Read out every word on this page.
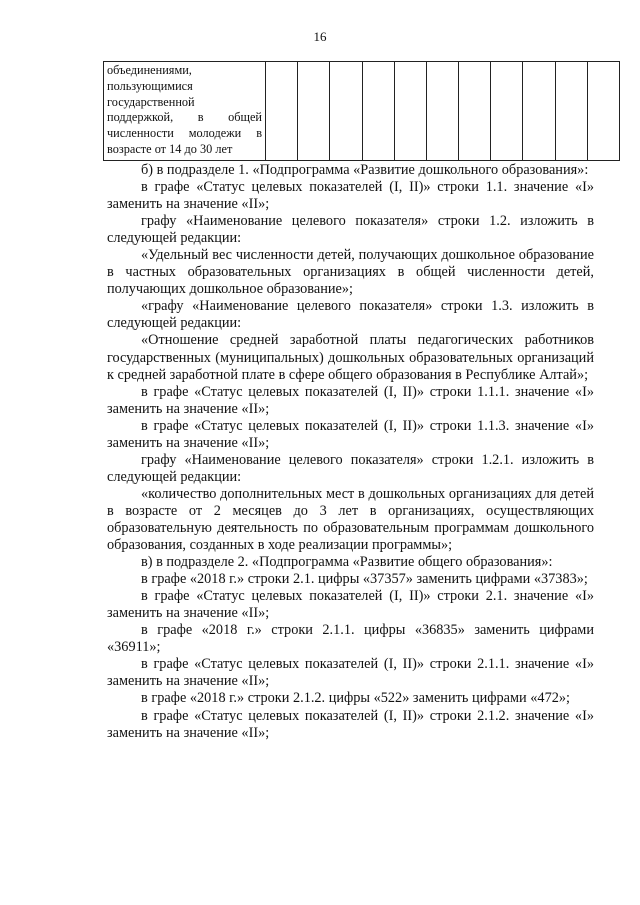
16
объединениями,
пользующимися
государственной
поддержкой, в общей
численности молодежи в
возрасте от 14 до 30 лет

б) в подразделе 1. «Подпрограмма «Развитие дошкольного образования»:

в графе «Статус целевых показателей (I, II)» строки 1.1. значение «I» заменить на значение «II»;

графу «Наименование целевого показателя» строки 1.2. изложить в следующей редакции:

«Удельный вес численности детей, получающих дошкольное образование в частных образовательных организациях в общей численности детей, получающих дошкольное образование»;

«графу «Наименование целевого показателя» строки 1.3. изложить в следующей редакции:

«Отношение средней заработной платы педагогических работников государственных (муниципальных) дошкольных образовательных организаций к средней заработной плате в сфере общего образования в Республике Алтай»;

в графе «Статус целевых показателей (I, II)» строки 1.1.1. значение «I» заменить на значение «II»;

в графе «Статус целевых показателей (I, II)» строки 1.1.3. значение «I» заменить на значение «II»;

графу «Наименование целевого показателя» строки 1.2.1. изложить в следующей редакции:

«количество дополнительных мест в дошкольных организациях для детей в возрасте от 2 месяцев до 3 лет в организациях, осуществляющих образовательную деятельность по образовательным программам дошкольного образования, созданных в ходе реализации программы»;

в) в подразделе 2. «Подпрограмма «Развитие общего образования»:

в графе «2018 г.» строки 2.1. цифры «37357» заменить цифрами «37383»;

в графе «Статус целевых показателей (I, II)» строки 2.1. значение «I» заменить на значение «II»;

в графе «2018 г.» строки 2.1.1. цифры «36835» заменить цифрами «36911»;

в графе «Статус целевых показателей (I, II)» строки 2.1.1. значение «I» заменить на значение «II»;

в графе «2018 г.» строки 2.1.2. цифры «522» заменить цифрами «472»;

в графе «Статус целевых показателей (I, II)» строки 2.1.2. значение «I» заменить на значение «II»;
